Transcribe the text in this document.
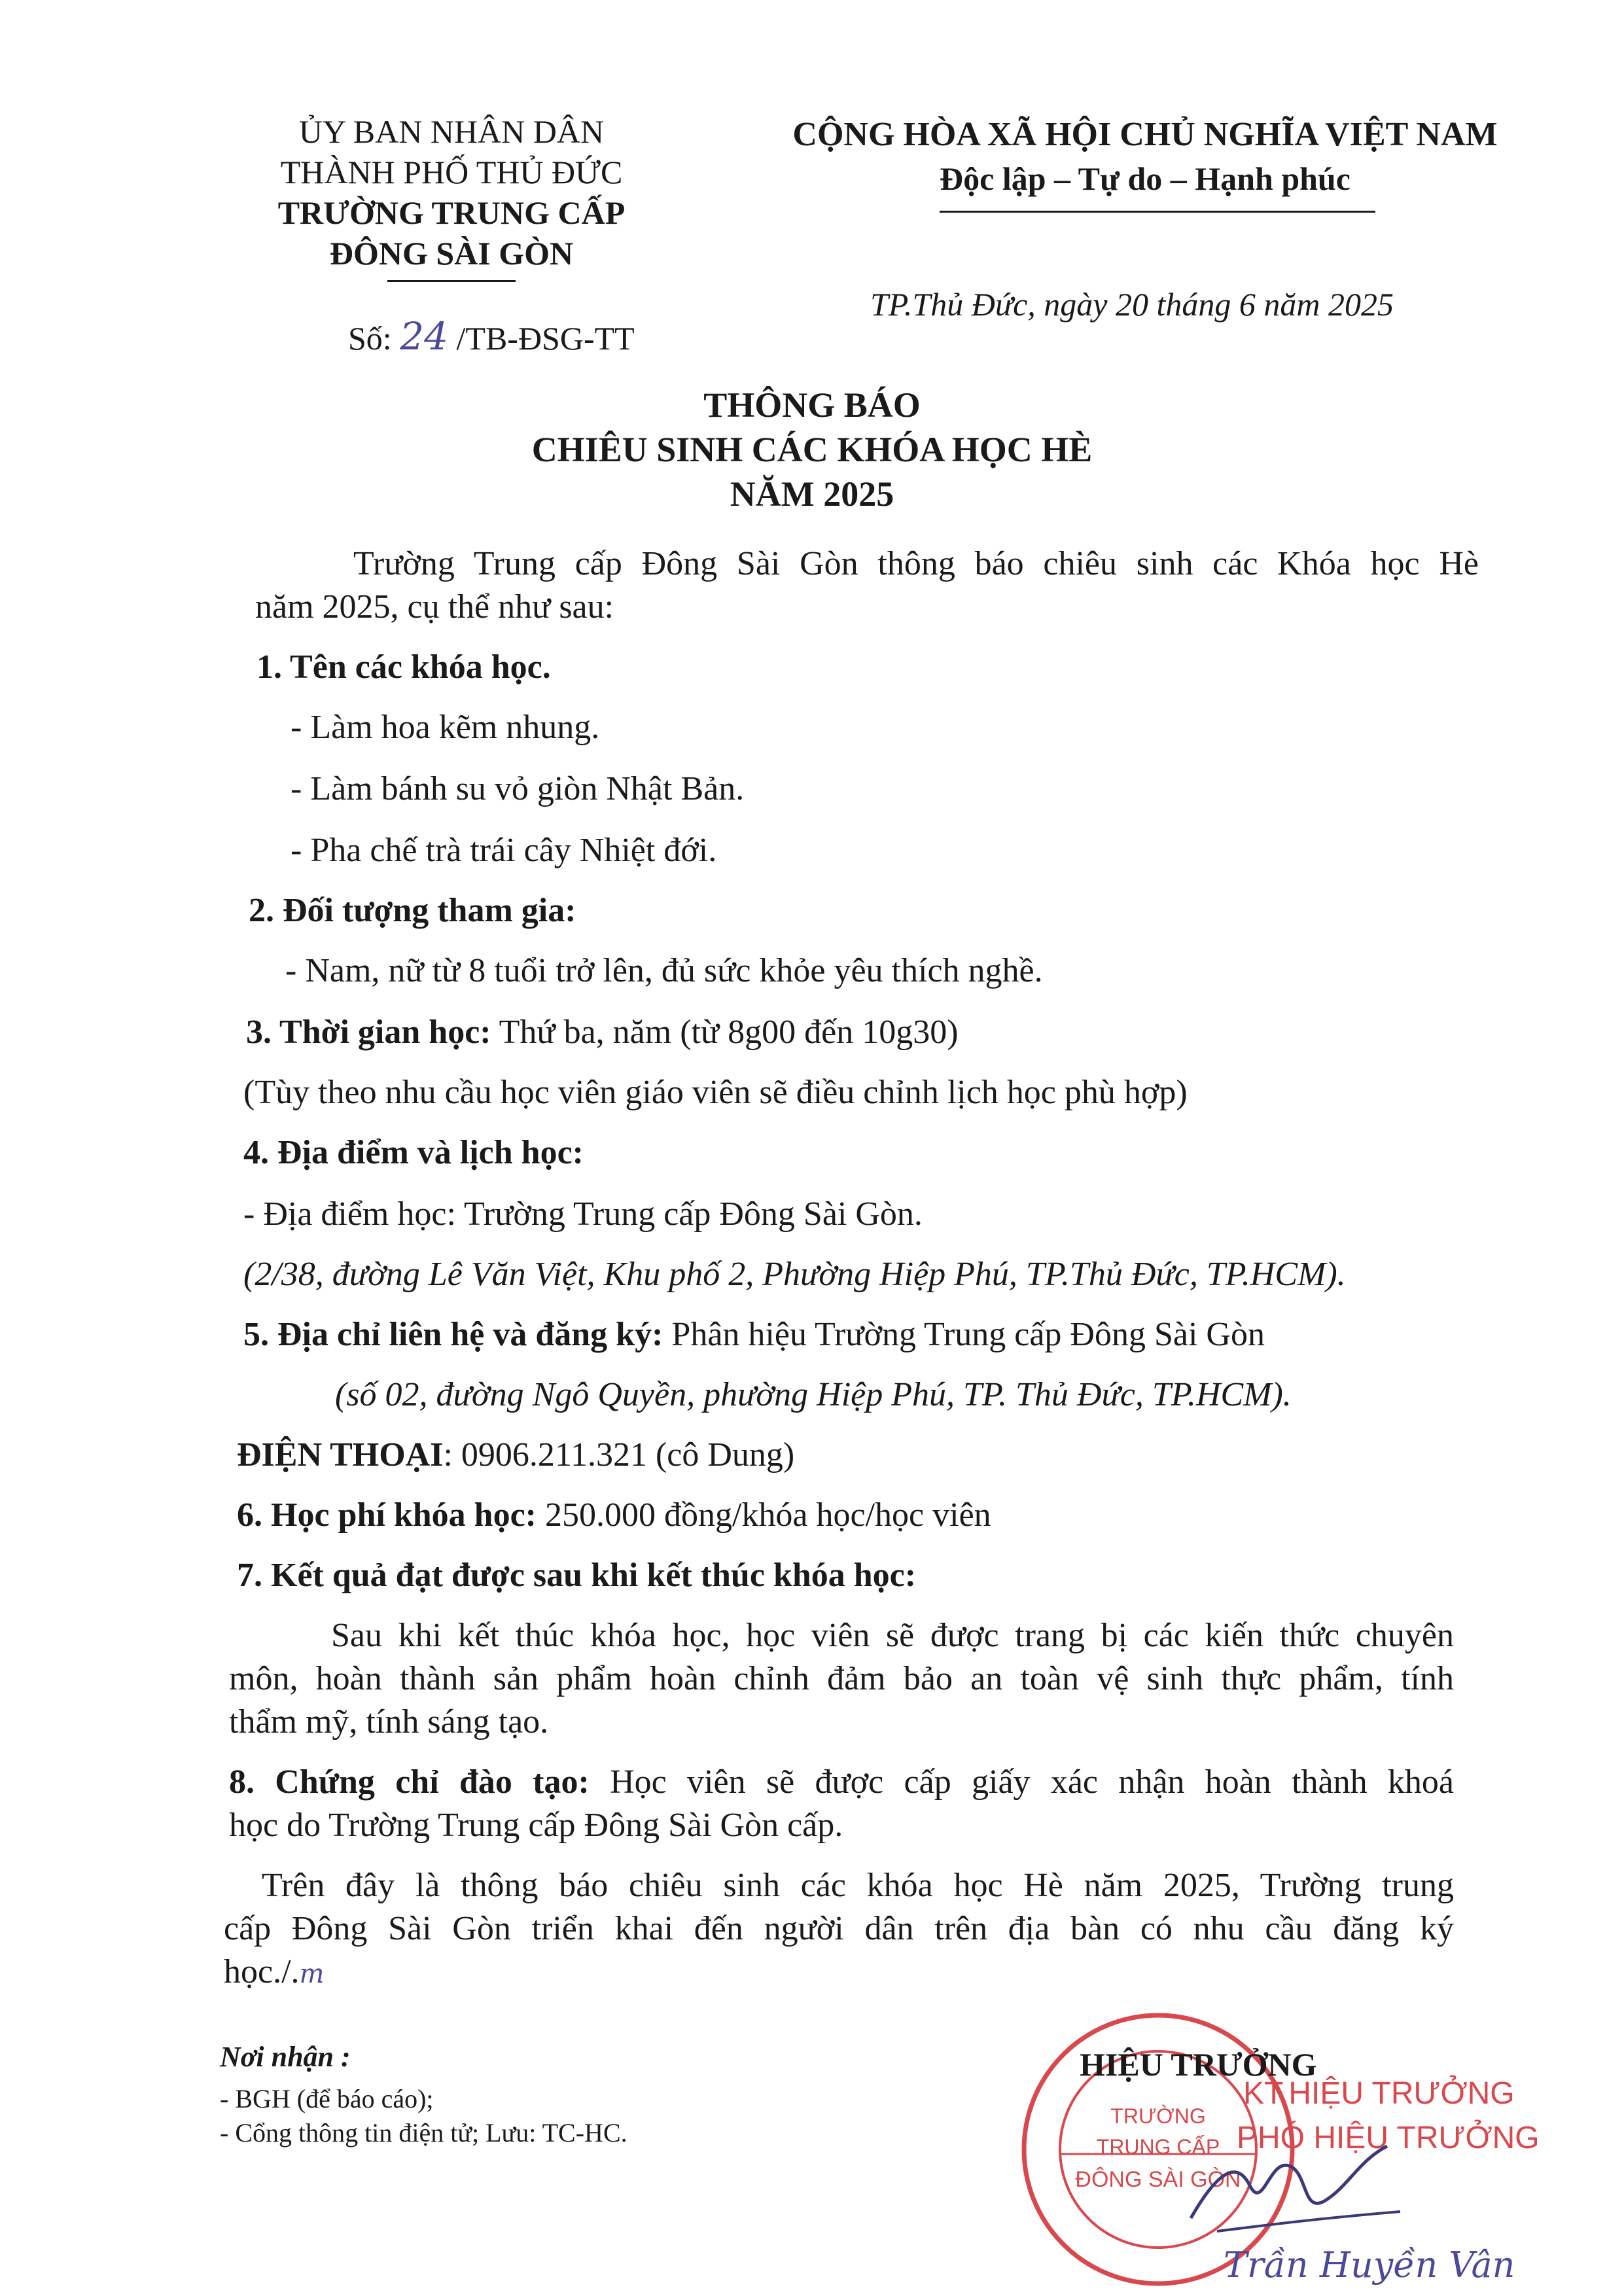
ỦY BAN NHÂN DÂN
THÀNH PHỐ THỦ ĐỨC
TRƯỜNG TRUNG CẤP
ĐÔNG SÀI GÒN
Số: 24 /TB-ĐSG-TT
CỘNG HÒA XÃ HỘI CHỦ NGHĨA VIỆT NAM
Độc lập – Tự do – Hạnh phúc
TP.Thủ Đức, ngày 20 tháng 6 năm 2025
THÔNG BÁO
CHIÊU SINH CÁC KHÓA HỌC HÈ
NĂM 2025
Trường Trung cấp Đông Sài Gòn thông báo chiêu sinh các Khóa học Hè
năm 2025, cụ thể như sau:
1. Tên các khóa học.
- Làm hoa kẽm nhung.
- Làm bánh su vỏ giòn Nhật Bản.
- Pha chế trà trái cây Nhiệt đới.
2. Đối tượng tham gia:
- Nam, nữ từ 8 tuổi trở lên, đủ sức khỏe yêu thích nghề.
3. Thời gian học: Thứ ba, năm (từ 8g00 đến 10g30)
(Tùy theo nhu cầu học viên giáo viên sẽ điều chỉnh lịch học phù hợp)
4. Địa điểm và lịch học:
- Địa điểm học: Trường Trung cấp Đông Sài Gòn.
(2/38, đường Lê Văn Việt, Khu phố 2, Phường Hiệp Phú, TP.Thủ Đức, TP.HCM).
5. Địa chỉ liên hệ và đăng ký: Phân hiệu Trường Trung cấp Đông Sài Gòn
(số 02, đường Ngô Quyền, phường Hiệp Phú, TP. Thủ Đức, TP.HCM).
ĐIỆN THOẠI: 0906.211.321 (cô Dung)
6. Học phí khóa học: 250.000 đồng/khóa học/học viên
7. Kết quả đạt được sau khi kết thúc khóa học:
Sau khi kết thúc khóa học, học viên sẽ được trang bị các kiến thức chuyên
môn, hoàn thành sản phẩm hoàn chỉnh đảm bảo an toàn vệ sinh thực phẩm, tính
thẩm mỹ, tính sáng tạo.
8. Chứng chỉ đào tạo: Học viên sẽ được cấp giấy xác nhận hoàn thành khoá
học do Trường Trung cấp Đông Sài Gòn cấp.
Trên đây là thông báo chiêu sinh các khóa học Hè năm 2025, Trường trung
cấp Đông Sài Gòn triển khai đến người dân trên địa bàn có nhu cầu đăng ký
học./.m
Nơi nhận :
- BGH (để báo cáo);
- Cổng thông tin điện tử; Lưu: TC-HC.
TRƯỜNG
TRUNG CẤP
ĐÔNG SÀI GÒN
HIỆU TRƯỞNG
KT.HIỆU TRƯỞNG
PHÓ HIỆU TRƯỞNG
Trần Huyền Vân
